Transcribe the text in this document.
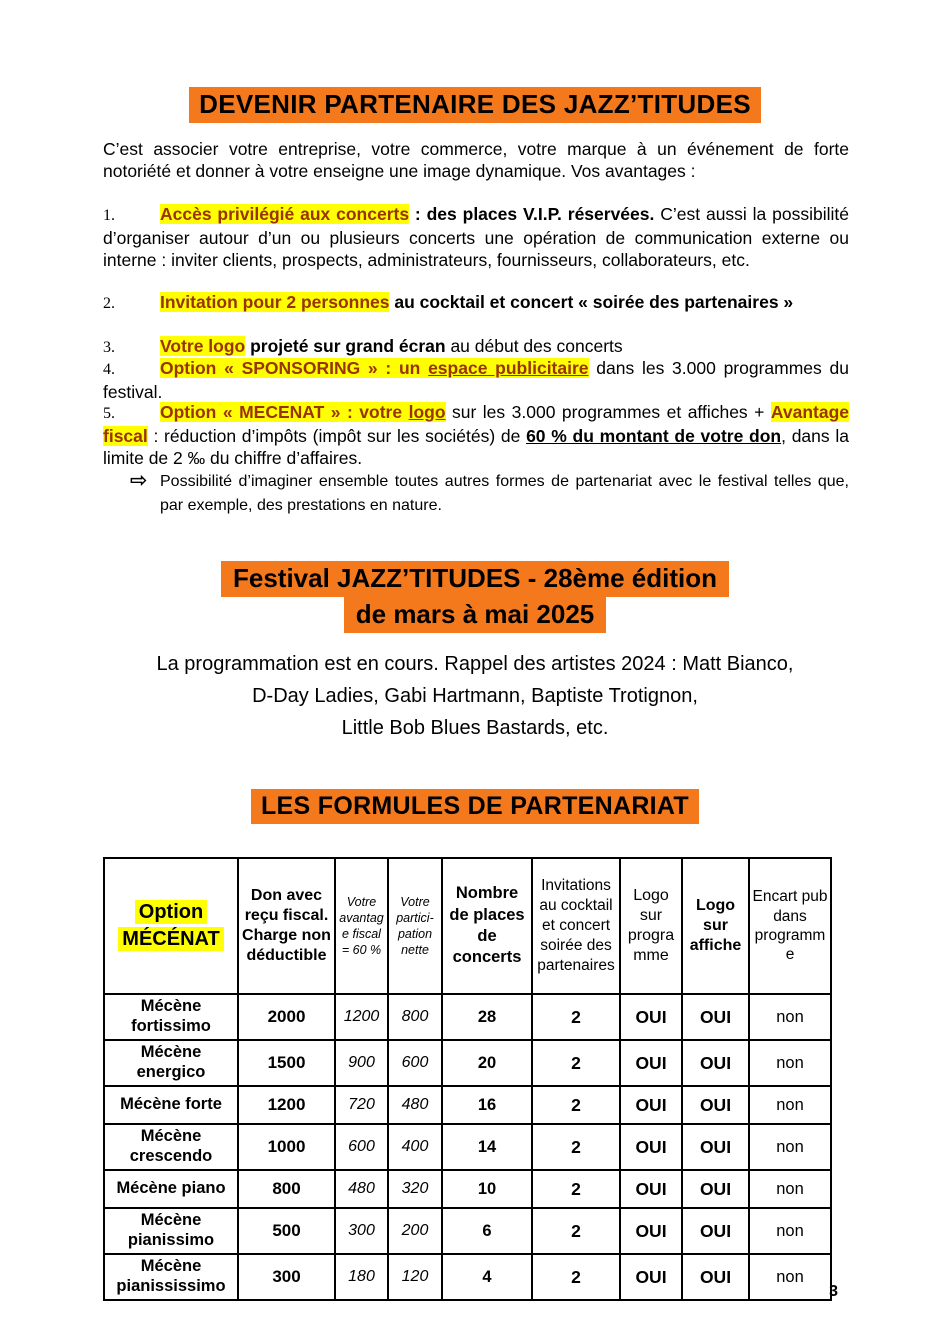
DEVENIR PARTENAIRE DES JAZZ’TITUDES

C’est associer votre entreprise, votre commerce, votre marque à un événement de forte notoriété et donner à votre enseigne une image dynamique. Vos avantages :

1.	Accès privilégié aux concerts : des places V.I.P. réservées. C’est aussi la possibilité d’organiser autour d’un ou plusieurs concerts une opération de communication externe ou interne : inviter clients, prospects, administrateurs, fournisseurs, collaborateurs, etc.
2.	Invitation pour 2 personnes au cocktail et concert « soirée des partenaires »
3.	Votre logo projeté sur grand écran au début des concerts
4.	Option « SPONSORING » : un espace publicitaire dans les 3.000 programmes du festival.
5.	Option « MECENAT » : votre logo sur les 3.000 programmes et affiches + Avantage fiscal : réduction d’impôts (impôt sur les sociétés) de 60 % du montant de votre don, dans la limite de 2 ‰ du chiffre d’affaires.
⇨ Possibilité d’imaginer ensemble toutes autres formes de partenariat avec le festival telles que, par exemple, des prestations en nature.
Festival JAZZ’TITUDES - 28ème édition
de mars à mai 2025
La programmation est en cours. Rappel des artistes 2024 : Matt Bianco,
D-Day Ladies, Gabi Hartmann, Baptiste Trotignon,
Little Bob Blues Bastards, etc.
LES FORMULES DE PARTENARIAT
Option MÉCÉNAT	Don avec reçu fiscal. Charge non déductible	Votre avantage fiscal = 60 %	Votre partici-pation nette	Nombre de places de concerts	Invitations au cocktail et concert soirée des partenaires	Logo sur programme	Logo sur affiche	Encart pub dans programme
Mécène fortissimo	2000	1200	800	28	2	OUI	OUI	non
Mécène energico	1500	900	600	20	2	OUI	OUI	non
Mécène forte	1200	720	480	16	2	OUI	OUI	non
Mécène crescendo	1000	600	400	14	2	OUI	OUI	non
Mécène piano	800	480	320	10	2	OUI	OUI	non
Mécène pianissimo	500	300	200	6	2	OUI	OUI	non
Mécène pianississimo	300	180	120	4	2	OUI	OUI	non
3
